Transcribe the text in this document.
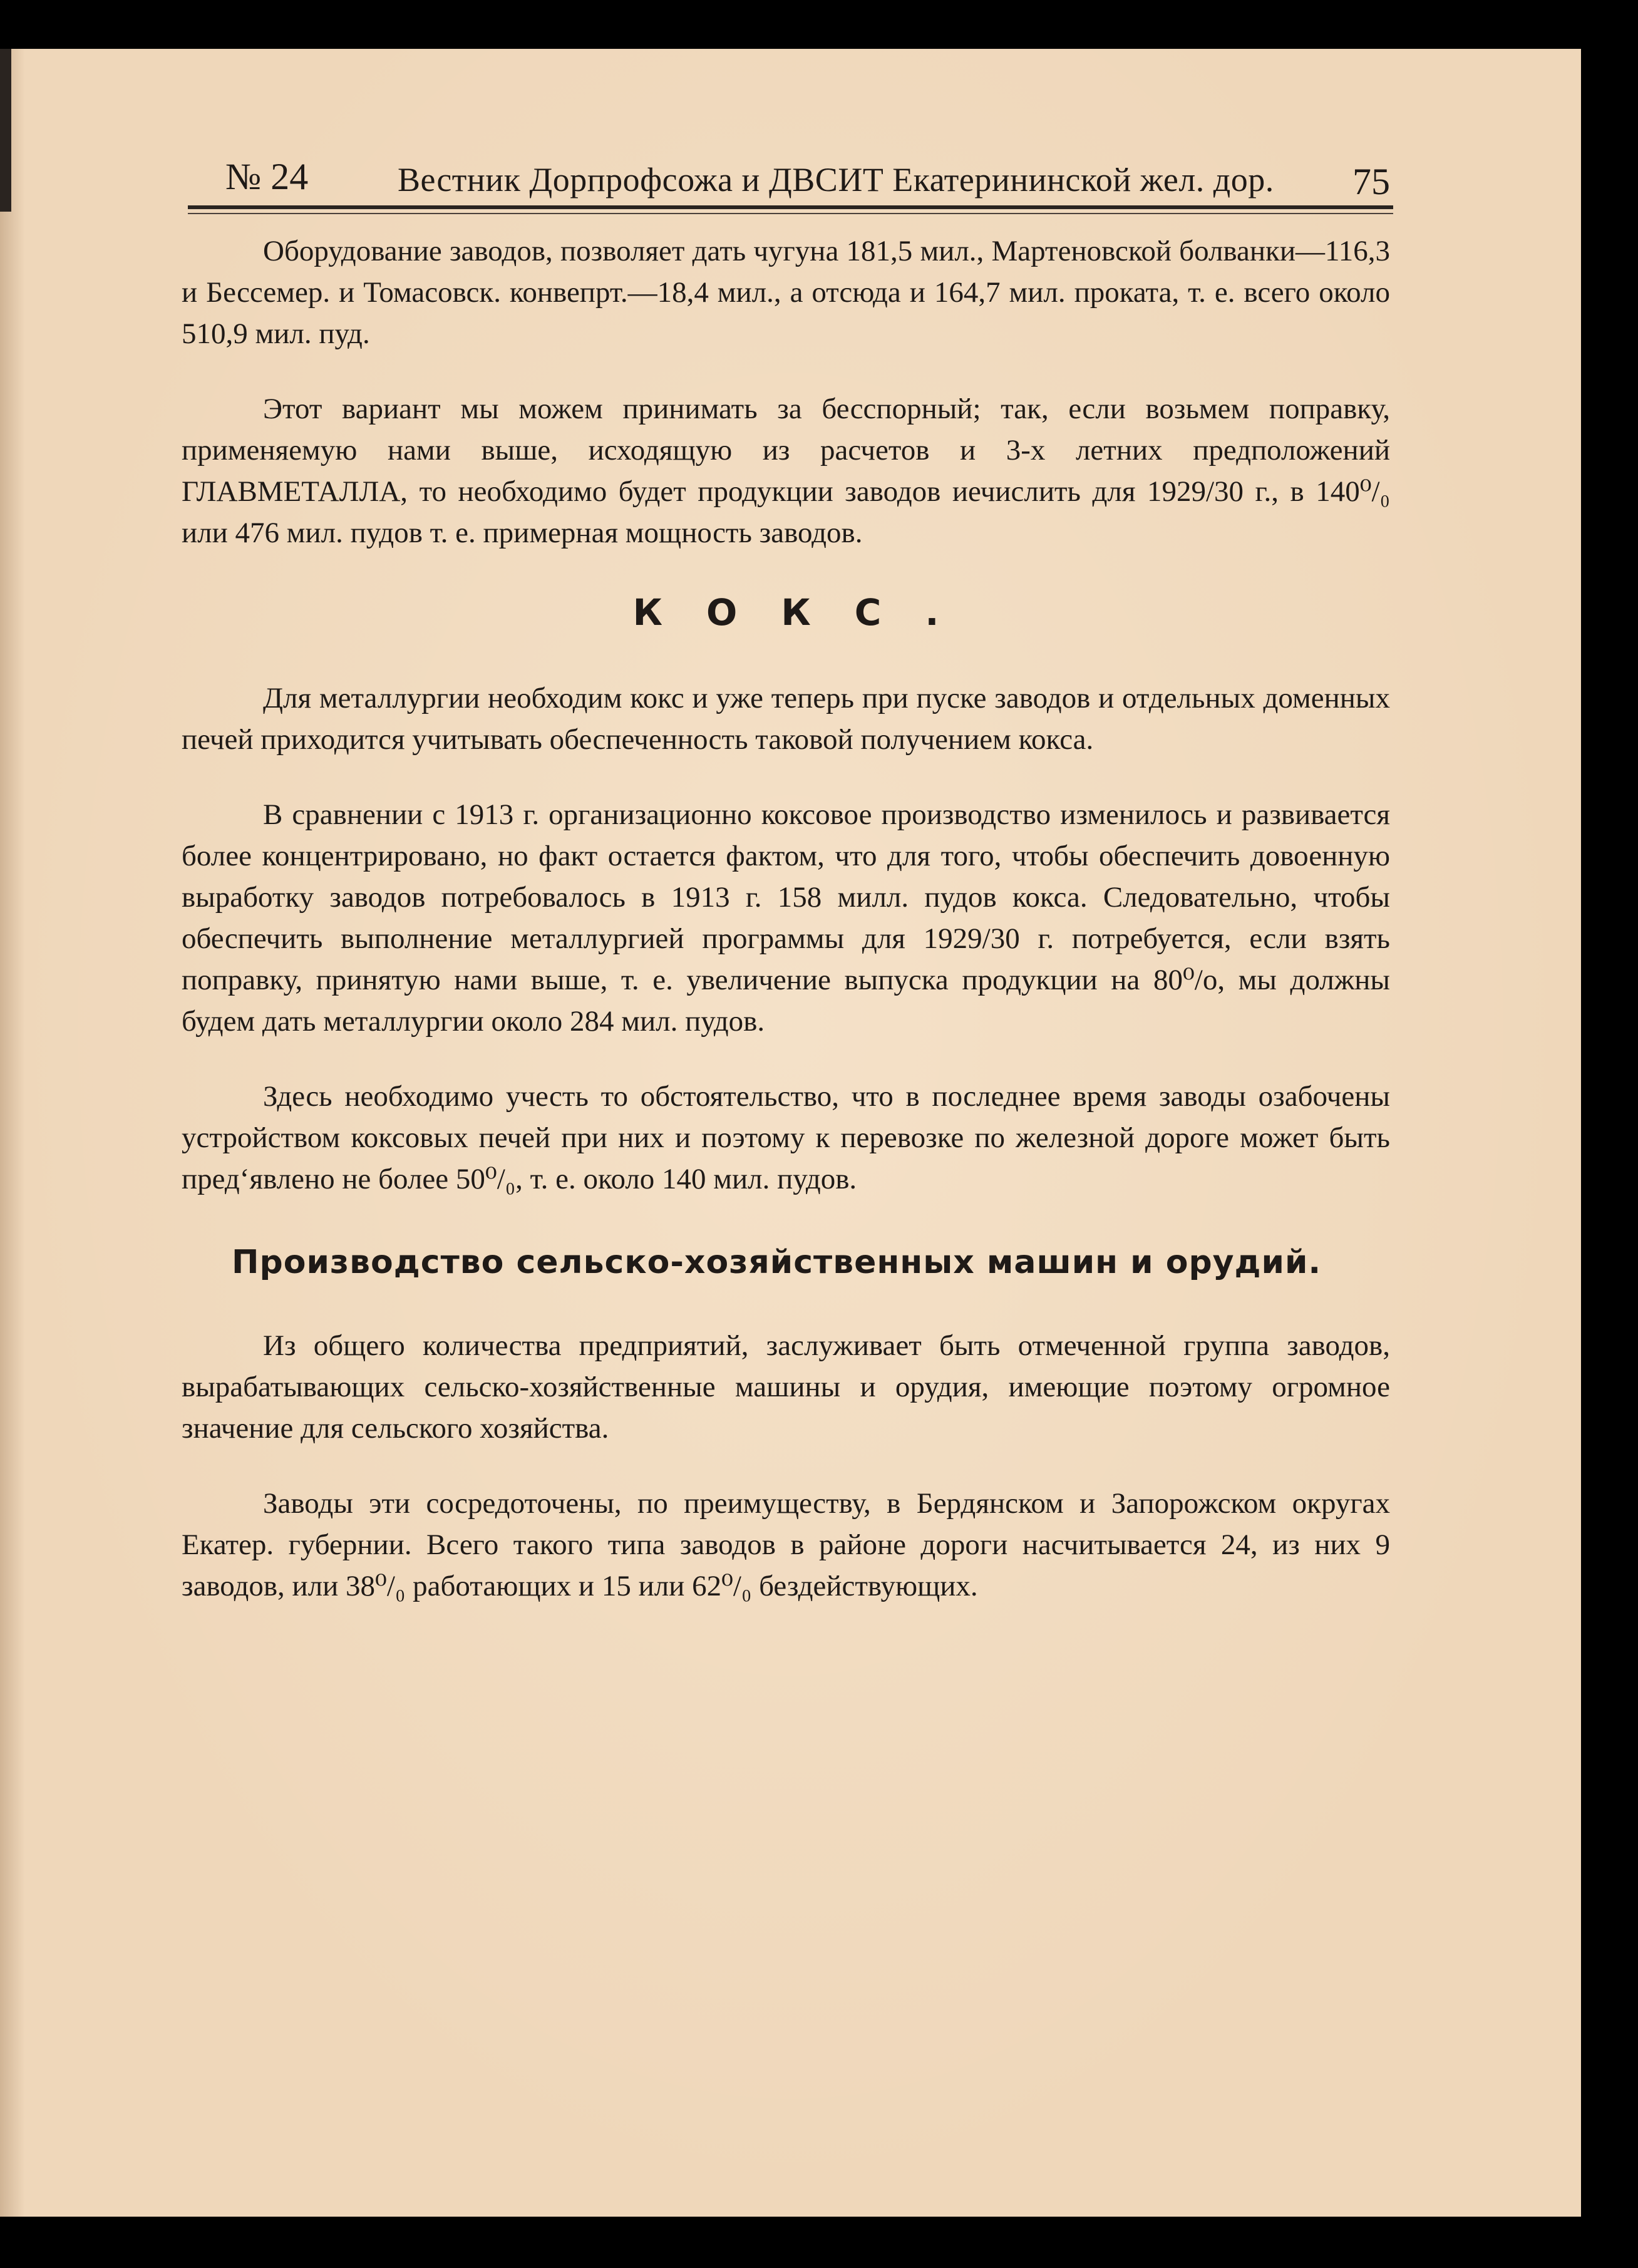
№ 24	Вестник Дорпрофсожа и ДВСИТ Екатерининской жел. дор. 75

Оборудование заводов, позволяет дать чугуна 181,5 мил., Мартеновской болванки—116,3 и Бессемер. и Томасовск. конвепрт.—18,4 мил., а отсюда и 164,7 мил. проката, т. е. всего около 510,9 мил. пуд.

Этот вариант мы можем принимать за бесспорный; так, если возьмем поправку, применяемую нами выше, исходящую из расчетов и 3-х летних предположений ГЛАВМЕТАЛЛА, то необходимо будет продукции заводов иечислить для 1929/30 г., в 140⁰/₀ или 476 мил. пудов т. е. примерная мощность заводов.

КОКС.

Для металлургии необходим кокс и уже теперь при пуске заводов и отдельных доменных печей приходится учитывать обеспеченность таковой получением кокса.

В сравнении с 1913 г. организационно коксовое производство изменилось и развивается более концентрировано, но факт остается фактом, что для того, чтобы обеспечить довоенную выработку заводов потребовалось в 1913 г. 158 милл. пудов кокса. Следовательно, чтобы обеспечить выполнение металлургией программы для 1929/30 г. потребуется, если взять поправку, принятую нами выше, т. е. увеличение выпуска продукции на 80⁰/о, мы должны будем дать металлургии около 284 мил. пудов.

Здесь необходимо учесть то обстоятельство, что в последнее время заводы озабочены устройством коксовых печей при них и поэтому к перевозке по железной дороге может быть пред‘явлено не более 50⁰/₀, т. е. около 140 мил. пудов.

Производство сельско-хозяйственных машин и орудий.

Из общего количества предприятий, заслуживает быть отмеченной группа заводов, вырабатывающих сельско-хозяйственные машины и орудия, имеющие поэтому огромное значение для сельского хозяйства.

Заводы эти сосредоточены, по преимуществу, в Бердянском и Запорожском округах Екатер. губернии. Всего такого типа заводов в районе дороги насчитывается 24, из них 9 заводов, или 38⁰/₀ работающих и 15 или 62⁰/₀ бездействующих.
